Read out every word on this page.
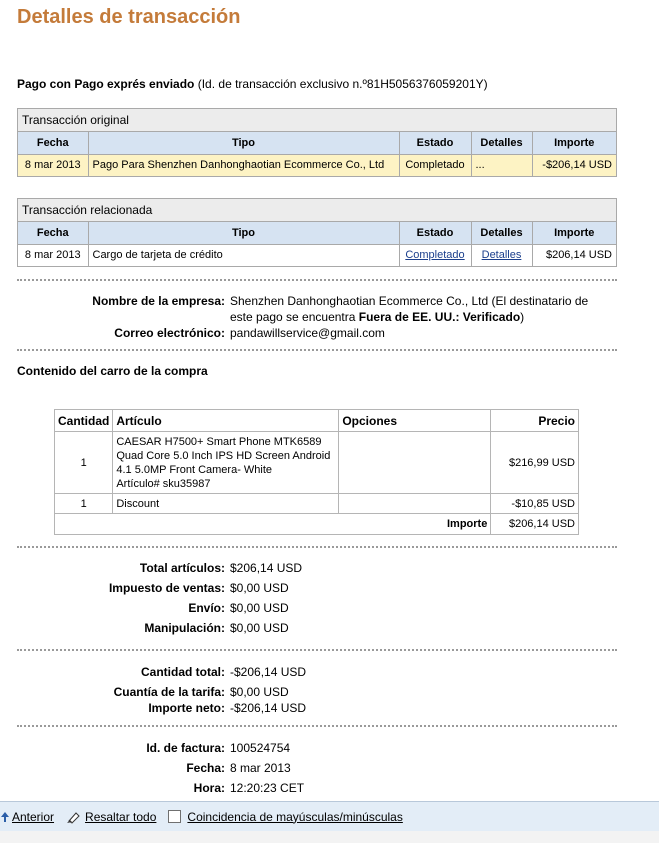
Detalles de transacción
Pago con Pago exprés enviado (Id. de transacción exclusivo n.º81H5056376059201Y)
Transacción original
Fecha	Tipo	Estado	Detalles	Importe
8 mar 2013	Pago Para Shenzhen Danhonghaotian Ecommerce Co., Ltd	Completado	...	-$206,14 USD
Transacción relacionada
Fecha	Tipo	Estado	Detalles	Importe
8 mar 2013	Cargo de tarjeta de crédito	Completado	Detalles	$206,14 USD
Nombre de la empresa: Shenzhen Danhonghaotian Ecommerce Co., Ltd (El destinatario de
este pago se encuentra Fuera de EE. UU.: Verificado)
Correo electrónico: pandawillservice@gmail.com
Contenido del carro de la compra
Cantidad	Artículo	Opciones	Precio
1	CAESAR H7500+ Smart Phone MTK6589
Quad Core 5.0 Inch IPS HD Screen Android
4.1 5.0MP Front Camera- White
Artículo# sku35987		$216,99 USD
1	Discount		-$10,85 USD
Importe			$206,14 USD
Total artículos: $206,14 USD
Impuesto de ventas: $0,00 USD
Envío: $0,00 USD
Manipulación: $0,00 USD
Cantidad total: -$206,14 USD
Cuantía de la tarifa: $0,00 USD
Importe neto: -$206,14 USD
Id. de factura: 100524754
Fecha: 8 mar 2013
Hora: 12:20:23 CET
Anterior	Resaltar todo	Coincidencia de mayúsculas/minúsculas
